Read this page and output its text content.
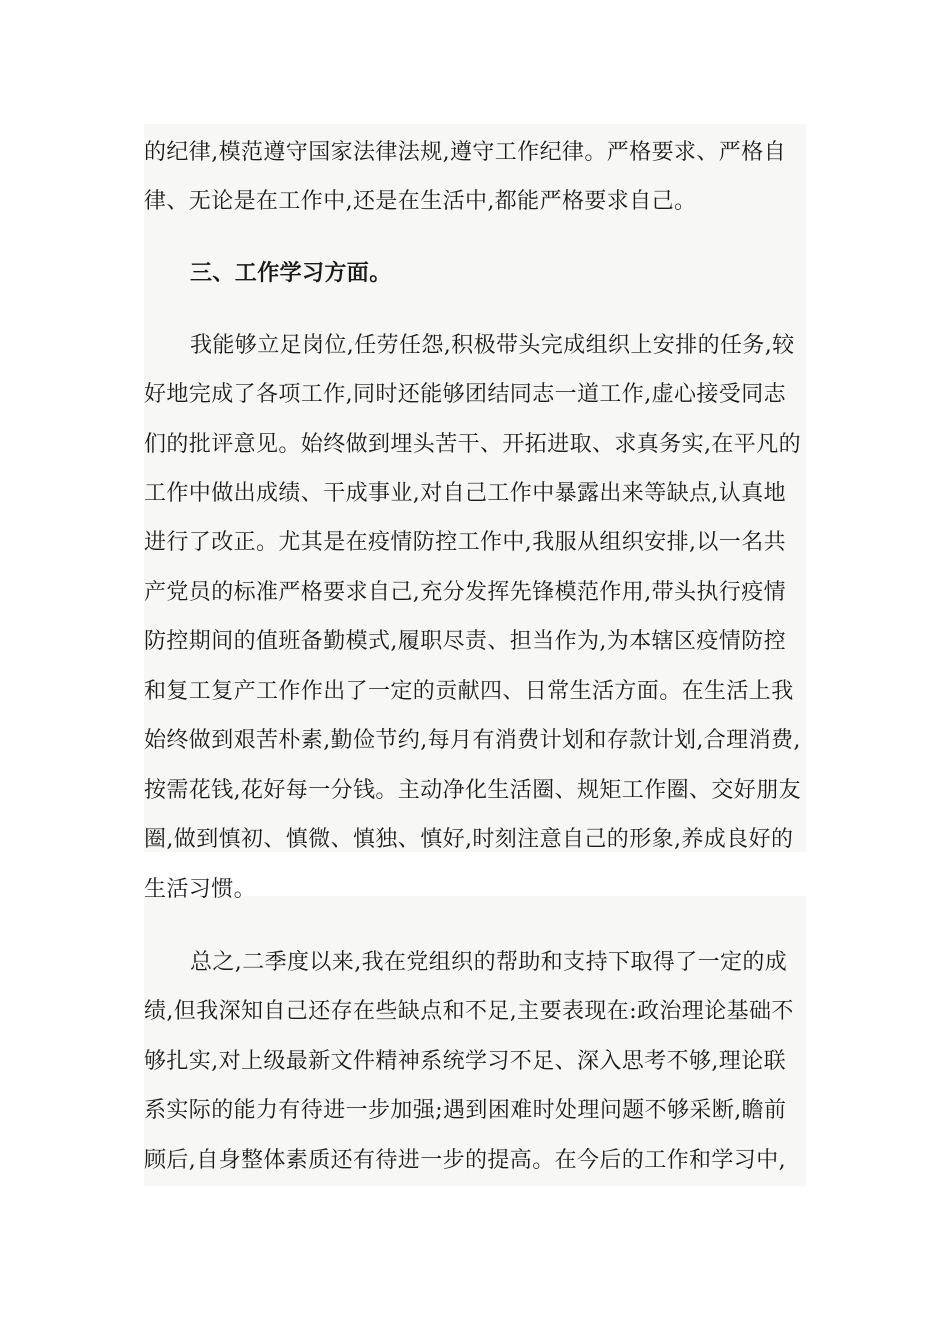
的纪律,模范遵守国家法律法规,遵守工作纪律。严格要求、严格自
律、无论是在工作中,还是在生活中,都能严格要求自己。
三、工作学习方面。
我能够立足岗位,任劳任怨,积极带头完成组织上安排的任务,较
好地完成了各项工作,同时还能够团结同志一道工作,虚心接受同志
们的批评意见。始终做到埋头苦干、开拓进取、求真务实,在平凡的
工作中做出成绩、干成事业,对自己工作中暴露出来等缺点,认真地
进行了改正。尤其是在疫情防控工作中,我服从组织安排,以一名共
产党员的标准严格要求自己,充分发挥先锋模范作用,带头执行疫情
防控期间的值班备勤模式,履职尽责、担当作为,为本辖区疫情防控
和复工复产工作作出了一定的贡献四、日常生活方面。在生活上我
始终做到艰苦朴素,勤俭节约,每月有消费计划和存款计划,合理消费,
按需花钱,花好每一分钱。主动净化生活圈、规矩工作圈、交好朋友
圈,做到慎初、慎微、慎独、慎好,时刻注意自己的形象,养成良好的
生活习惯。
总之,二季度以来,我在党组织的帮助和支持下取得了一定的成
绩,但我深知自己还存在些缺点和不足,主要表现在:政治理论基础不
够扎实,对上级最新文件精神系统学习不足、深入思考不够,理论联
系实际的能力有待进一步加强;遇到困难时处理问题不够采断,瞻前
顾后,自身整体素质还有待进一步的提高。在今后的工作和学习中,
